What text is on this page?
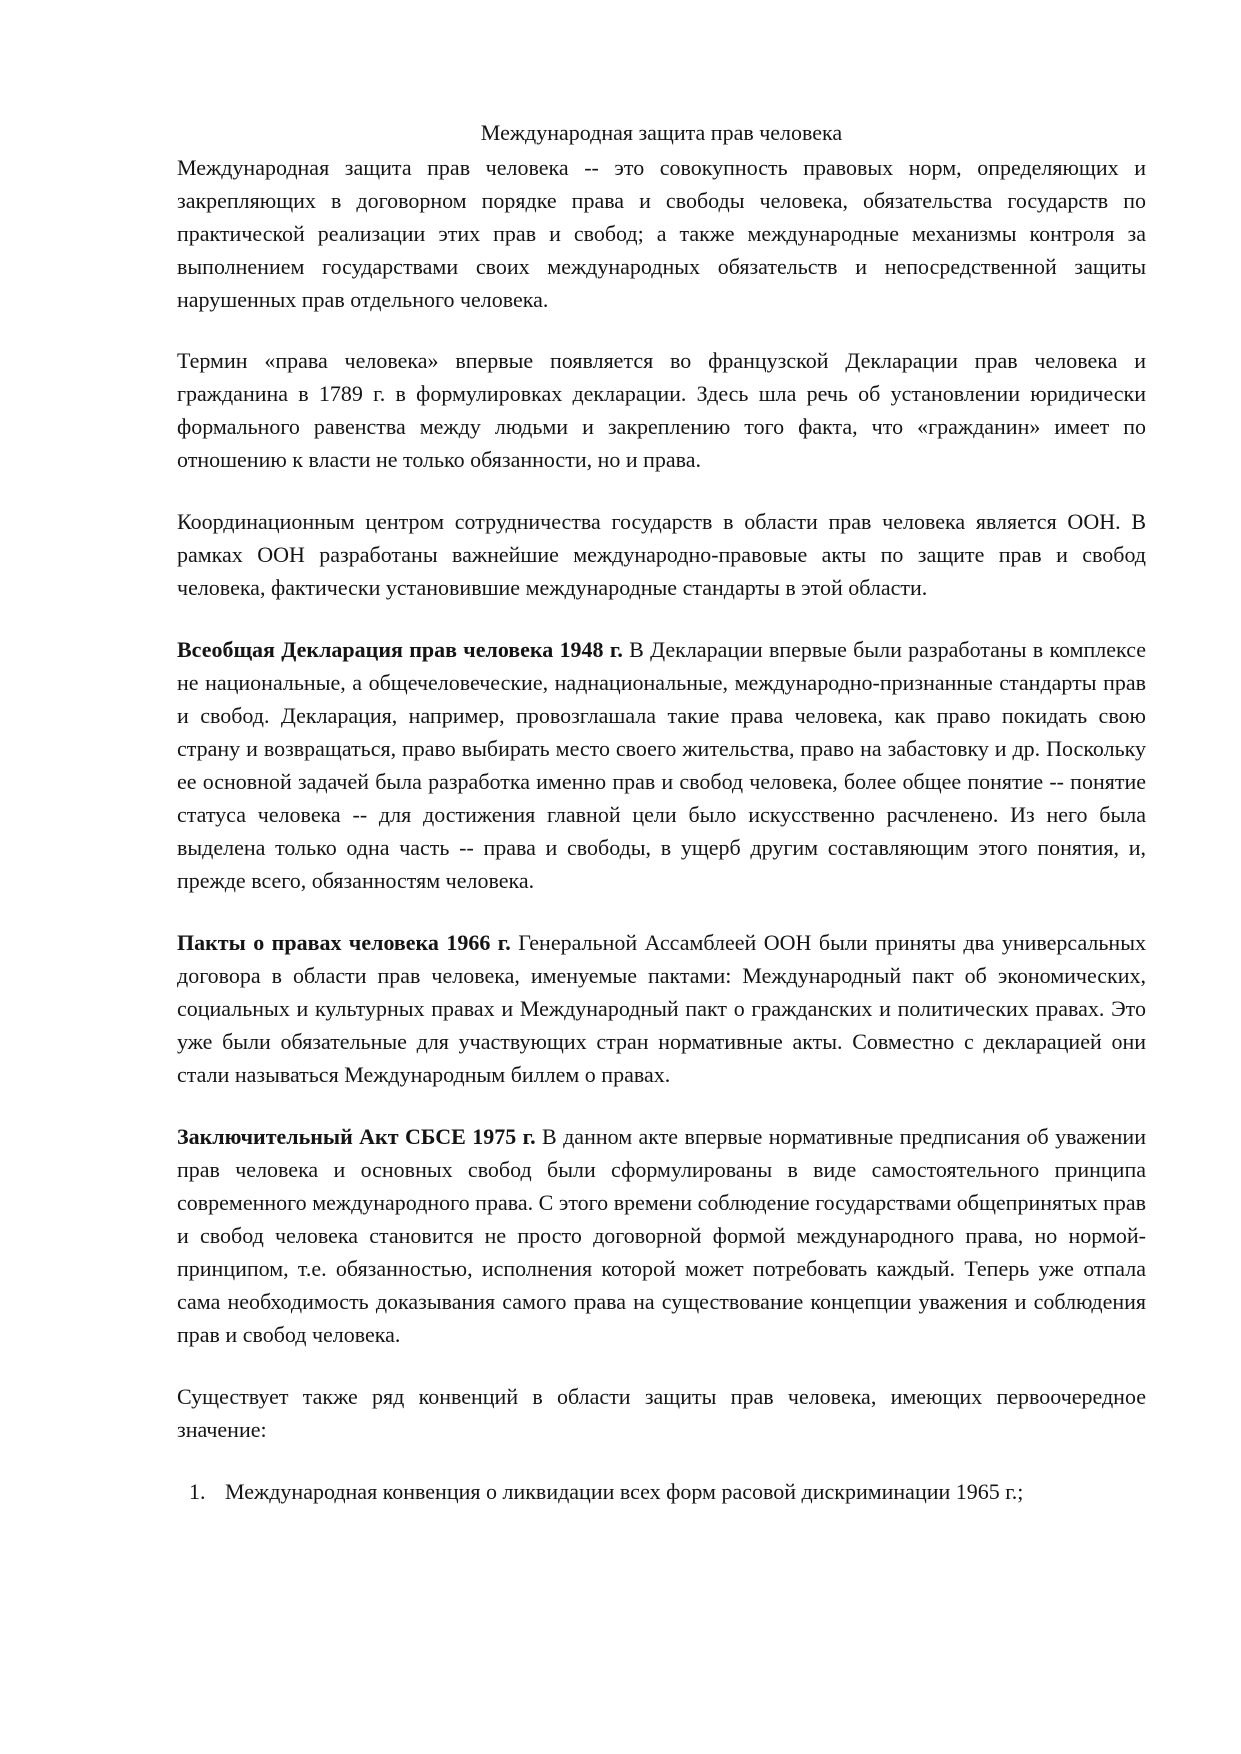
Международная защита прав человека

Международная защита прав человека -- это совокупность правовых норм, определяющих и закрепляющих в договорном порядке права и свободы человека, обязательства государств по практической реализации этих прав и свобод; а также международные механизмы контроля за выполнением государствами своих международных обязательств и непосредственной защиты нарушенных прав отдельного человека.

Термин «права человека» впервые появляется во французской Декларации прав человека и гражданина в 1789 г. в формулировках декларации. Здесь шла речь об установлении юридически формального равенства между людьми и закреплению того факта, что «гражданин» имеет по отношению к власти не только обязанности, но и права.

Координационным центром сотрудничества государств в области прав человека является ООН. В рамках ООН разработаны важнейшие международно-правовые акты по защите прав и свобод человека, фактически установившие международные стандарты в этой области.

Всеобщая Декларация прав человека 1948 г. В Декларации впервые были разработаны в комплексе не национальные, а общечеловеческие, наднациональные, международно-признанные стандарты прав и свобод. Декларация, например, провозглашала такие права человека, как право покидать свою страну и возвращаться, право выбирать место своего жительства, право на забастовку и др. Поскольку ее основной задачей была разработка именно прав и свобод человека, более общее понятие -- понятие статуса человека -- для достижения главной цели было искусственно расчленено. Из него была выделена только одна часть -- права и свободы, в ущерб другим составляющим этого понятия, и, прежде всего, обязанностям человека.

Пакты о правах человека 1966 г. Генеральной Ассамблеей ООН были приняты два универсальных договора в области прав человека, именуемые пактами: Международный пакт об экономических, социальных и культурных правах и Международный пакт о гражданских и политических правах. Это уже были обязательные для участвующих стран нормативные акты. Совместно с декларацией они стали называться Международным биллем о правах.

Заключительный Акт СБСЕ 1975 г. В данном акте впервые нормативные предписания об уважении прав человека и основных свобод были сформулированы в виде самостоятельного принципа современного международного права. С этого времени соблюдение государствами общепринятых прав и свобод человека становится не просто договорной формой международного права, но нормой-принципом, т.е. обязанностью, исполнения которой может потребовать каждый. Теперь уже отпала сама необходимость доказывания самого права на существование концепции уважения и соблюдения прав и свобод человека.

Существует также ряд конвенций в области защиты прав человека, имеющих первоочередное значение:

1. Международная конвенция о ликвидации всех форм расовой дискриминации 1965 г.;
